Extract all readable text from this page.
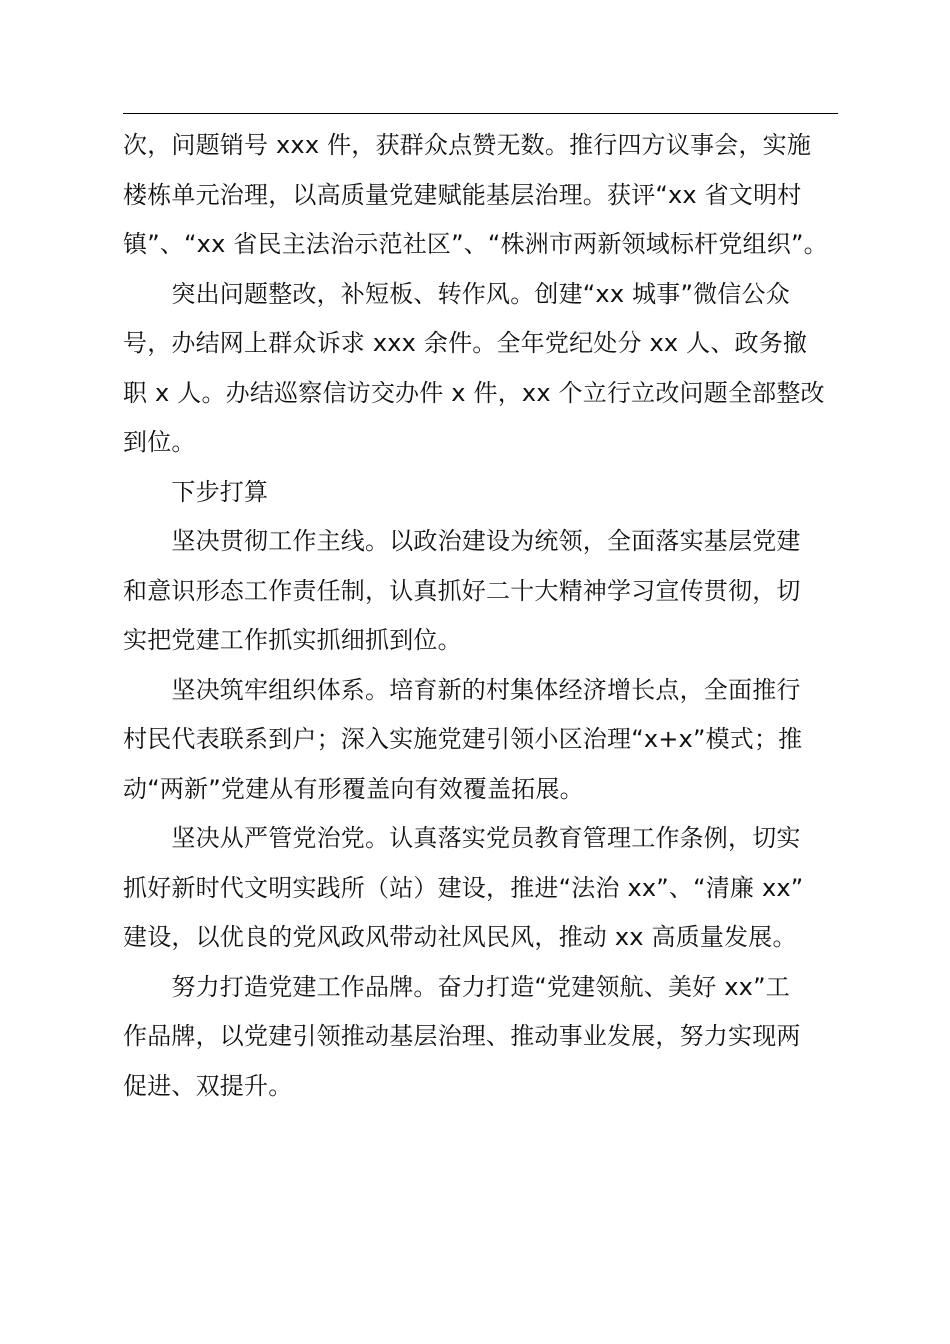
次，问题销号 xxx 件，获群众点赞无数。推行四方议事会，实施
楼栋单元治理，以高质量党建赋能基层治理。获评“xx 省文明村
镇”、“xx 省民主法治示范社区”、“株洲市两新领域标杆党组织”。

　　突出问题整改，补短板、转作风。创建“xx 城事”微信公众
号，办结网上群众诉求 xxx 余件。全年党纪处分 xx 人、政务撤
职 x 人。办结巡察信访交办件 x 件，xx 个立行立改问题全部整改
到位。

　　下步打算

　　坚决贯彻工作主线。以政治建设为统领，全面落实基层党建
和意识形态工作责任制，认真抓好二十大精神学习宣传贯彻，切
实把党建工作抓实抓细抓到位。

　　坚决筑牢组织体系。培育新的村集体经济增长点，全面推行
村民代表联系到户；深入实施党建引领小区治理“x+x”模式；推
动“两新”党建从有形覆盖向有效覆盖拓展。

　　坚决从严管党治党。认真落实党员教育管理工作条例，切实
抓好新时代文明实践所（站）建设，推进“法治 xx”、“清廉 xx”
建设，以优良的党风政风带动社风民风，推动 xx 高质量发展。

　　努力打造党建工作品牌。奋力打造“党建领航、美好 xx”工
作品牌，以党建引领推动基层治理、推动事业发展，努力实现两
促进、双提升。
